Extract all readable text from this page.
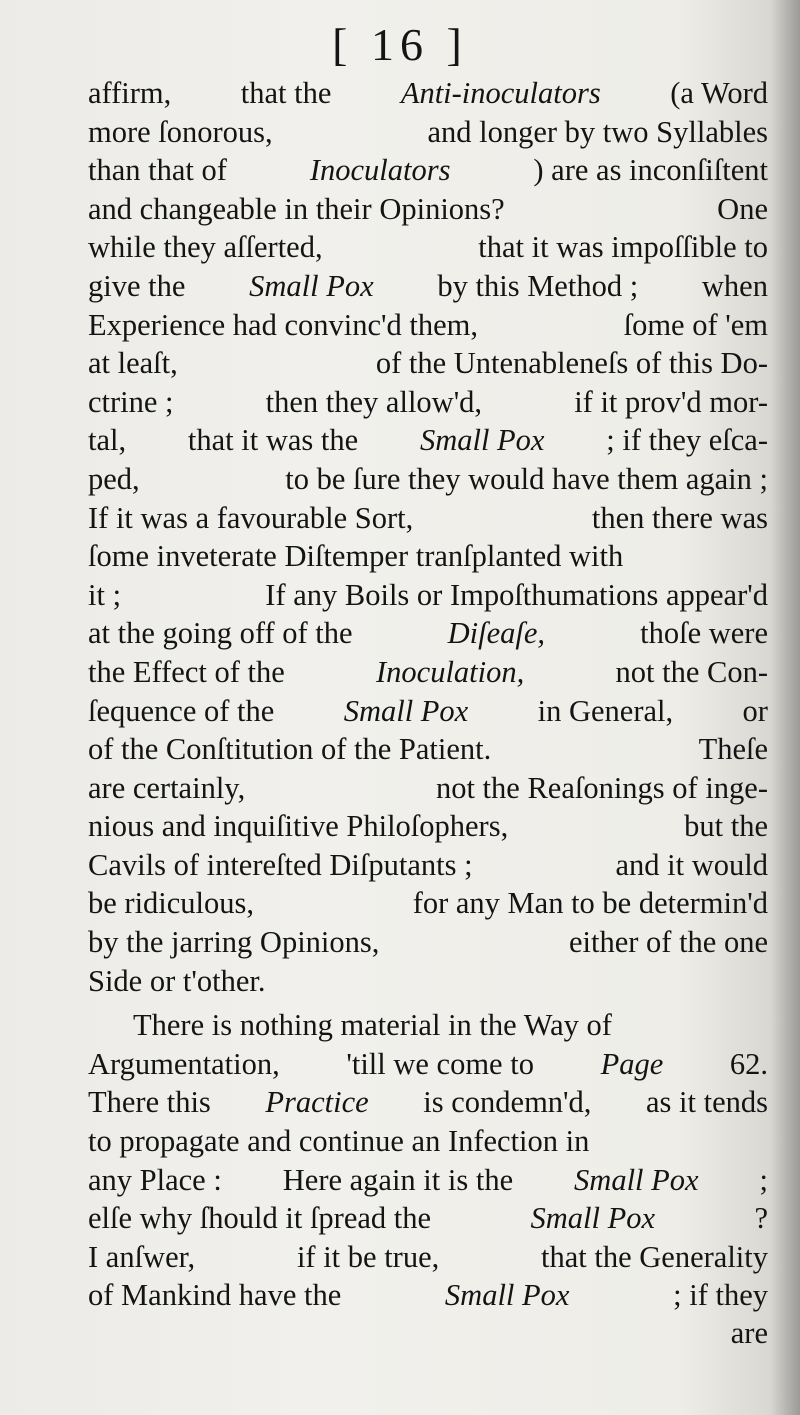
[ 16 ]
affirm, that the Anti-inoculators (a Word
more ſonorous,	and longer by two Syllables
than that of	Inoculators	) are as inconſiſtent
and changeable in their Opinions?	One
while they aſſerted,	that it was impoſſible to
give the Small Pox by this Method ; when
Experience had convinc'd them,	ſome of 'em
at leaſt,	of the Untenableneſs of this Do-
ctrine ;	then they allow'd,	if it prov'd mor-
tal, that it was the Small Pox ; if they eſca-
ped,	to be ſure they would have them again ;
If it was a favourable Sort,	then there was
ſome inveterate Diſtemper tranſplanted with
it ;	If any Boils or Impoſthumations appear'd
at the going off of the	Diſeaſe,	thoſe were
the Effect of the	Inoculation,	not the Con-
ſequence of the Small Pox in General, or
of the Conſtitution of the Patient.	Theſe
are certainly,	not the Reaſonings of inge-
nious and inquiſitive Philoſophers,	but the
Cavils of intereſted Diſputants ;	and it would
be ridiculous,	for any Man to be determin'd
by the jarring Opinions,	either of the one
Side or t'other.
There is nothing material in the Way of
Argumentation, 'till we come to Page 62.
There this Practice is condemn'd, as it tends
to propagate and continue an Infection in
any Place : Here again it is the Small Pox ;
elſe why ſhould it ſpread the	Small Pox	?
I anſwer,	if it be true,	that the Generality
of Mankind have the	Small Pox	; if they
are
